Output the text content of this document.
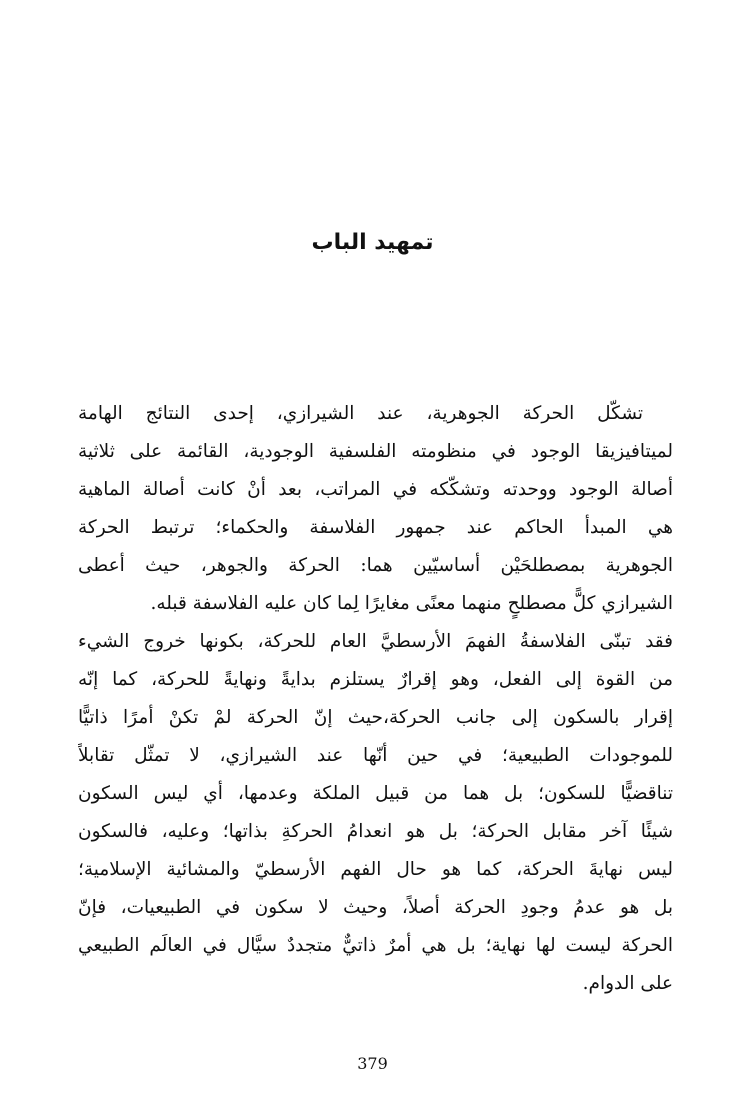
تمهيد الباب
تشكّل الحركة الجوهرية، عند الشيرازي، إحدى النتائج الهامة
لميتافيزيقا الوجود في منظومته الفلسفية الوجودية، القائمة على ثلاثية
أصالة الوجود ووحدته وتشكّكه في المراتب، بعد أنْ كانت أصالة الماهية
هي المبدأ الحاكم عند جمهور الفلاسفة والحكماء؛ ترتبط الحركة
الجوهرية بمصطلحَيْن أساسيّين هما: الحركة والجوهر، حيث أعطى
الشيرازي كلًّ مصطلحٍ منهما معنًى مغايرًا لِما كان عليه الفلاسفة قبله.
فقد تبنّى الفلاسفةُ الفهمَ الأرسطيَّ العام للحركة، بكونها خروج الشيء
من القوة إلى الفعل، وهو إقرارٌ يستلزم بدايةً ونهايةً للحركة، كما إنّه
إقرار بالسكون إلى جانب الحركة،حيث إنّ الحركة لمْ تكنْ أمرًا ذاتيًّا
للموجودات الطبيعية؛ في حين أنّها عند الشيرازي، لا تمثّل تقابلاً
تناقضيًّا للسكون؛ بل هما من قبيل الملكة وعدمها، أي ليس السكون
شيئًا آخر مقابل الحركة؛ بل هو انعدامُ الحركةِ بذاتها؛ وعليه، فالسكون
ليس نهايةَ الحركة، كما هو حال الفهم الأرسطيّ والمشائية الإسلامية؛
بل هو عدمُ وجودِ الحركة أصلاً، وحيث لا سكون في الطبيعيات، فإنّ
الحركة ليست لها نهاية؛ بل هي أمرٌ ذاتيٌّ متجددٌ سيَّال في العالَم الطبيعي
على الدوام.
379
